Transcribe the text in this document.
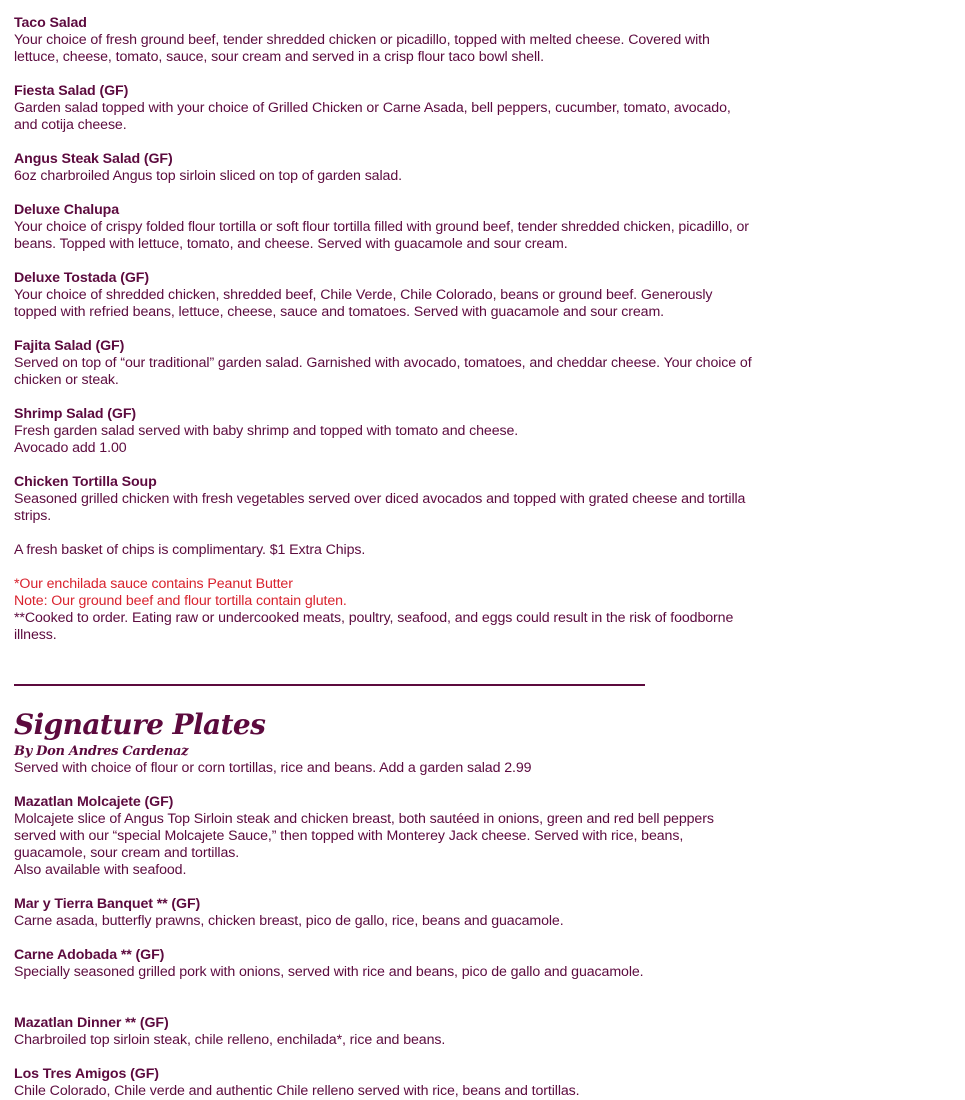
Taco Salad
Your choice of fresh ground beef, tender shredded chicken or picadillo, topped with melted cheese. Covered with
lettuce, cheese, tomato, sauce, sour cream and served in a crisp flour taco bowl shell.
Fiesta Salad (GF)
Garden salad topped with your choice of Grilled Chicken or Carne Asada, bell peppers, cucumber, tomato, avocado,
and cotija cheese.
Angus Steak Salad (GF)
6oz charbroiled Angus top sirloin sliced on top of garden salad.
Deluxe Chalupa
Your choice of crispy folded flour tortilla or soft flour tortilla filled with ground beef, tender shredded chicken, picadillo, or
beans. Topped with lettuce, tomato, and cheese. Served with guacamole and sour cream.
Deluxe Tostada (GF)
Your choice of shredded chicken, shredded beef, Chile Verde, Chile Colorado, beans or ground beef. Generously
topped with refried beans, lettuce, cheese, sauce and tomatoes. Served with guacamole and sour cream.
Fajita Salad (GF)
Served on top of “our traditional” garden salad. Garnished with avocado, tomatoes, and cheddar cheese. Your choice of
chicken or steak.
Shrimp Salad (GF)
Fresh garden salad served with baby shrimp and topped with tomato and cheese.
Avocado add 1.00
Chicken Tortilla Soup
Seasoned grilled chicken with fresh vegetables served over diced avocados and topped with grated cheese and tortilla
strips.
A fresh basket of chips is complimentary. $1 Extra Chips.
*Our enchilada sauce contains Peanut Butter
Note: Our ground beef and flour tortilla contain gluten.
**Cooked to order. Eating raw or undercooked meats, poultry, seafood, and eggs could result in the risk of foodborne
illness.
Signature Plates
By Don Andres Cardenaz
Served with choice of flour or corn tortillas, rice and beans. Add a garden salad 2.99
Mazatlan Molcajete (GF)
Molcajete slice of Angus Top Sirloin steak and chicken breast, both sautéed in onions, green and red bell peppers
served with our “special Molcajete Sauce,” then topped with Monterey Jack cheese. Served with rice, beans,
guacamole, sour cream and tortillas.
Also available with seafood.
Mar y Tierra Banquet ** (GF)
Carne asada, butterfly prawns, chicken breast, pico de gallo, rice, beans and guacamole.
Carne Adobada ** (GF)
Specially seasoned grilled pork with onions, served with rice and beans, pico de gallo and guacamole.
Mazatlan Dinner ** (GF)
Charbroiled top sirloin steak, chile relleno, enchilada*, rice and beans.
Los Tres Amigos (GF)
Chile Colorado, Chile verde and authentic Chile relleno served with rice, beans and tortillas.
